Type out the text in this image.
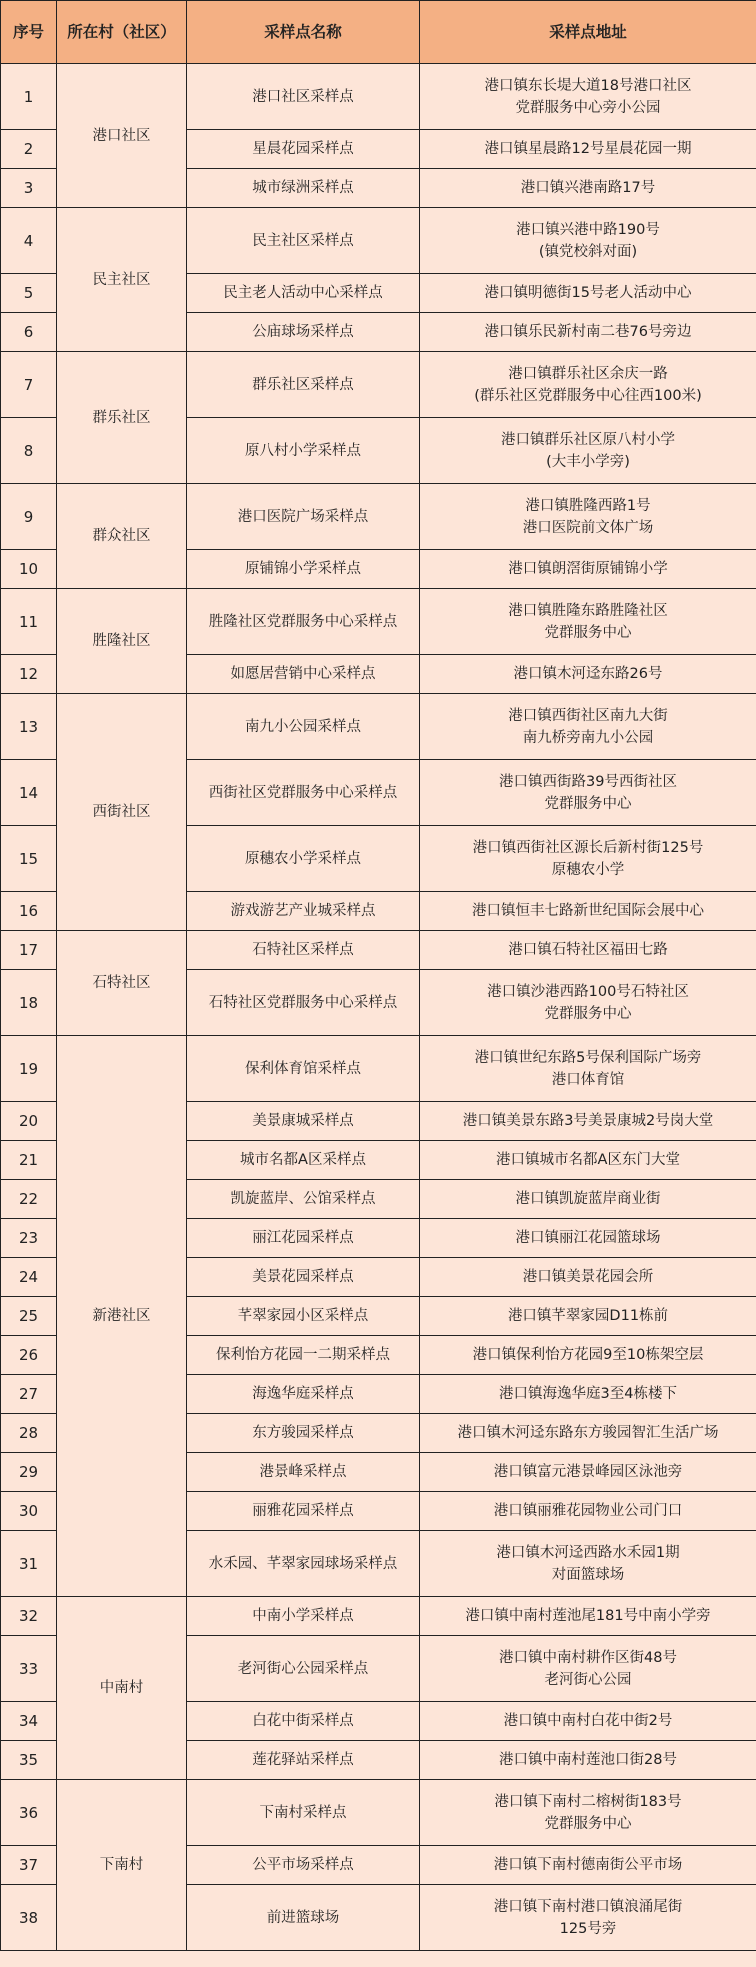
序号	所在村（社区）	采样点名称	采样点地址
1	港口社区	港口社区采样点	港口镇东长堤大道18号港口社区
党群服务中心旁小公园

2		星晨花园采样点	港口镇星晨路12号星晨花园一期

3		城市绿洲采样点	港口镇兴港南路17号

4	民主社区	民主社区采样点	港口镇兴港中路190号
(镇党校斜对面)

5		民主老人活动中心采样点	港口镇明德街15号老人活动中心

6		公庙球场采样点	港口镇乐民新村南二巷76号旁边

7	群乐社区	群乐社区采样点	港口镇群乐社区余庆一路
(群乐社区党群服务中心往西100米)

8		原八村小学采样点	港口镇群乐社区原八村小学
(大丰小学旁)

9	群众社区	港口医院广场采样点	港口镇胜隆西路1号
港口医院前文体广场

10		原铺锦小学采样点	港口镇朗滘街原铺锦小学

11	胜隆社区	胜隆社区党群服务中心采样点	港口镇胜隆东路胜隆社区
党群服务中心

12		如愿居营销中心采样点	港口镇木河迳东路26号

13	西街社区	南九小公园采样点	港口镇西街社区南九大街
南九桥旁南九小公园

14		西街社区党群服务中心采样点	港口镇西街路39号西街社区
党群服务中心

15		原穗农小学采样点	港口镇西街社区源长后新村街125号
原穗农小学

16		游戏游艺产业城采样点	港口镇恒丰七路新世纪国际会展中心

17	石特社区	石特社区采样点	港口镇石特社区福田七路

18		石特社区党群服务中心采样点	港口镇沙港西路100号石特社区
党群服务中心

19	新港社区	保利体育馆采样点	港口镇世纪东路5号保利国际广场旁
港口体育馆

20		美景康城采样点	港口镇美景东路3号美景康城2号岗大堂

21		城市名都A区采样点	港口镇城市名都A区东门大堂

22		凯旋蓝岸、公馆采样点	港口镇凯旋蓝岸商业街

23		丽江花园采样点	港口镇丽江花园篮球场

24		美景花园采样点	港口镇美景花园会所

25		芊翠家园小区采样点	港口镇芊翠家园D11栋前

26		保利怡方花园一二期采样点	港口镇保利怡方花园9至10栋架空层

27		海逸华庭采样点	港口镇海逸华庭3至4栋楼下

28		东方骏园采样点	港口镇木河迳东路东方骏园智汇生活广场

29		港景峰采样点	港口镇富元港景峰园区泳池旁

30		丽雅花园采样点	港口镇丽雅花园物业公司门口

31		水禾园、芊翠家园球场采样点	港口镇木河迳西路水禾园1期
对面篮球场

32	中南村	中南小学采样点	港口镇中南村莲池尾181号中南小学旁

33		老河街心公园采样点	港口镇中南村耕作区街48号
老河街心公园

34		白花中街采样点	港口镇中南村白花中街2号

35		莲花驿站采样点	港口镇中南村莲池口街28号

36	下南村	下南村采样点	港口镇下南村二榕树街183号
党群服务中心

37		公平市场采样点	港口镇下南村德南街公平市场

38		前进篮球场	港口镇下南村港口镇浪涌尾街
125号旁
